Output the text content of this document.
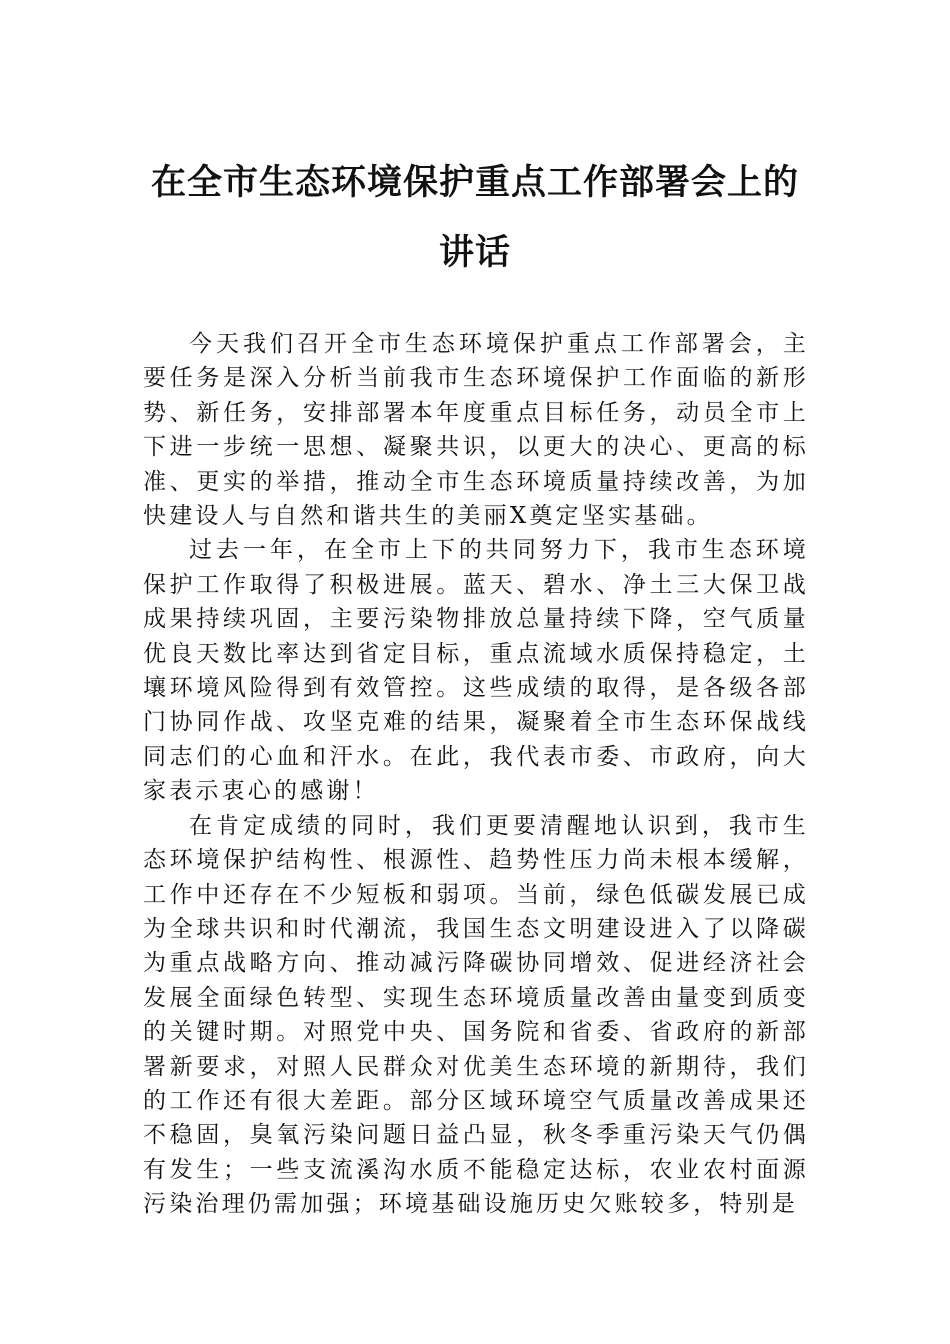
在全市生态环境保护重点工作部署会上的
讲话

今天我们召开全市生态环境保护重点工作部署会，主要任务是深入分析当前我市生态环境保护工作面临的新形势、新任务，安排部署本年度重点目标任务，动员全市上下进一步统一思想、凝聚共识，以更大的决心、更高的标准、更实的举措，推动全市生态环境质量持续改善，为加快建设人与自然和谐共生的美丽X奠定坚实基础。

过去一年，在全市上下的共同努力下，我市生态环境保护工作取得了积极进展。蓝天、碧水、净土三大保卫战成果持续巩固，主要污染物排放总量持续下降，空气质量优良天数比率达到省定目标，重点流域水质保持稳定，土壤环境风险得到有效管控。这些成绩的取得，是各级各部门协同作战、攻坚克难的结果，凝聚着全市生态环保战线同志们的心血和汗水。在此，我代表市委、市政府，向大家表示衷心的感谢！

在肯定成绩的同时，我们更要清醒地认识到，我市生态环境保护结构性、根源性、趋势性压力尚未根本缓解，工作中还存在不少短板和弱项。当前，绿色低碳发展已成为全球共识和时代潮流，我国生态文明建设进入了以降碳为重点战略方向、推动减污降碳协同增效、促进经济社会发展全面绿色转型、实现生态环境质量改善由量变到质变的关键时期。对照党中央、国务院和省委、省政府的新部署新要求，对照人民群众对优美生态环境的新期待，我们的工作还有很大差距。部分区域环境空气质量改善成果还不稳固，臭氧污染问题日益凸显，秋冬季重污染天气仍偶有发生；一些支流溪沟水质不能稳定达标，农业农村面源污染治理仍需加强；环境基础设施历史欠账较多，特别是
